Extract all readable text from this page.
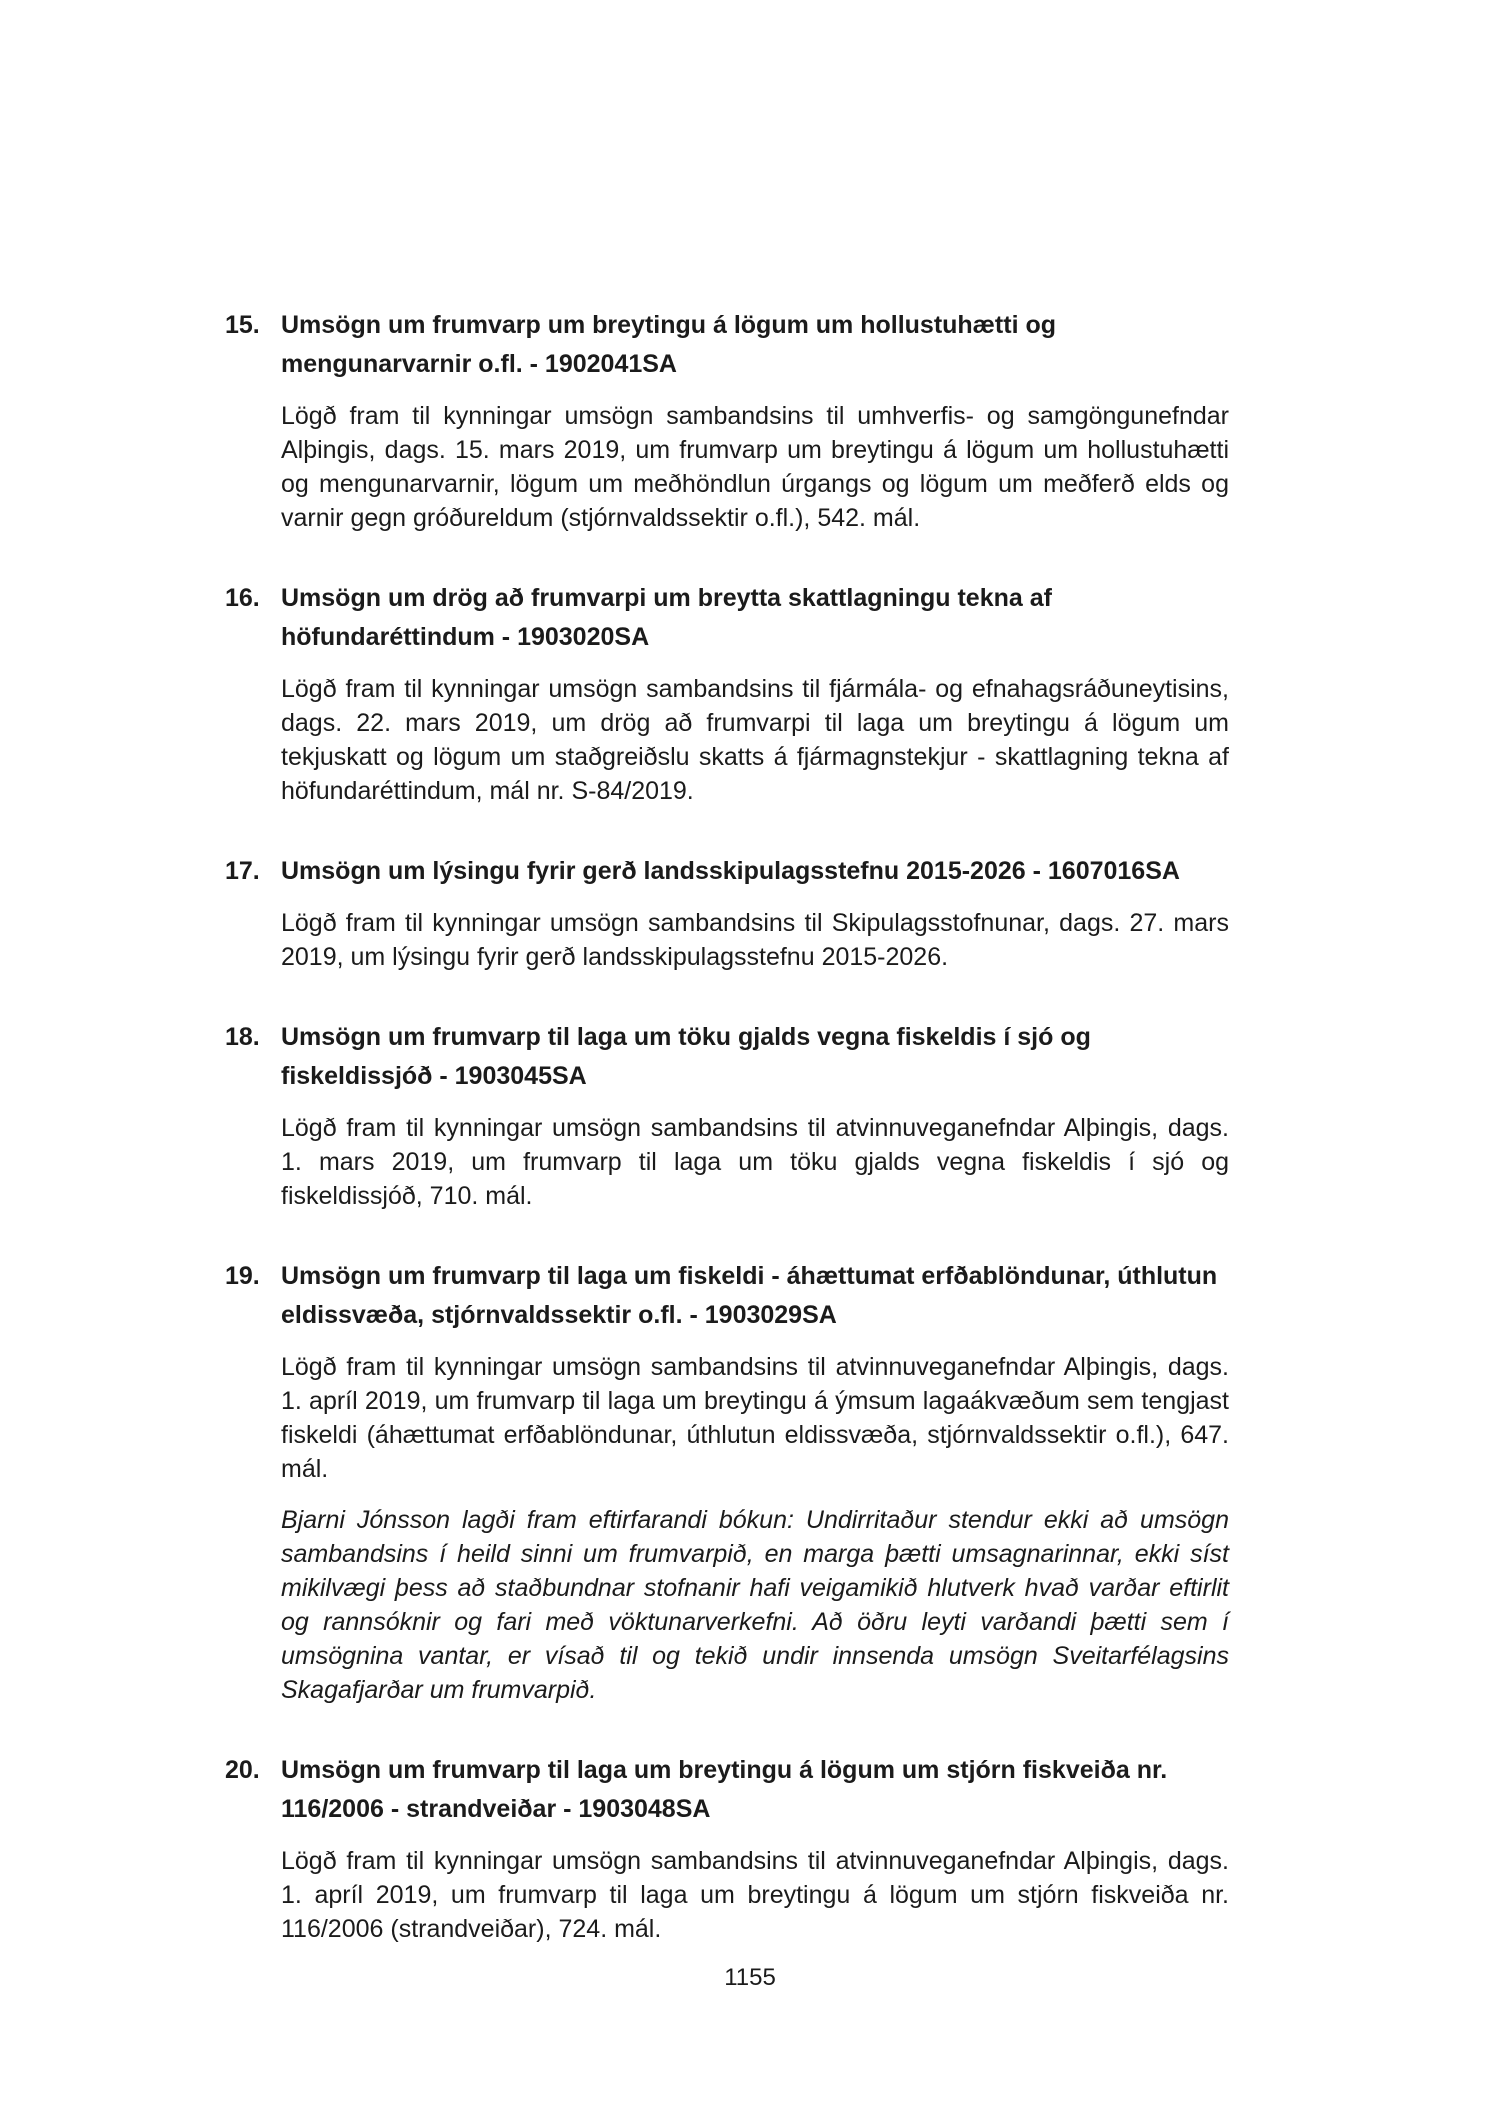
15. Umsögn um frumvarp um breytingu á lögum um hollustuhætti og mengunarvarnir o.fl. - 1902041SA

Lögð fram til kynningar umsögn sambandsins til umhverfis- og samgöngunefndar Alþingis, dags. 15. mars 2019, um frumvarp um breytingu á lögum um hollustuhætti og mengunarvarnir, lögum um meðhöndlun úrgangs og lögum um meðferð elds og varnir gegn gróðureldum (stjórnvaldssektir o.fl.), 542. mál.

16. Umsögn um drög að frumvarpi um breytta skattlagningu tekna af höfundaréttindum - 1903020SA

Lögð fram til kynningar umsögn sambandsins til fjármála- og efnahagsráðuneytisins, dags. 22. mars 2019, um drög að frumvarpi til laga um breytingu á lögum um tekjuskatt og lögum um staðgreiðslu skatts á fjármagnstekjur - skattlagning tekna af höfundaréttindum, mál nr. S-84/2019.

17. Umsögn um lýsingu fyrir gerð landsskipulagsstefnu 2015-2026 - 1607016SA

Lögð fram til kynningar umsögn sambandsins til Skipulagsstofnunar, dags. 27. mars 2019, um lýsingu fyrir gerð landsskipulagsstefnu 2015-2026.

18. Umsögn um frumvarp til laga um töku gjalds vegna fiskeldis í sjó og fiskeldissjóð - 1903045SA

Lögð fram til kynningar umsögn sambandsins til atvinnuveganefndar Alþingis, dags. 1. mars 2019, um frumvarp til laga um töku gjalds vegna fiskeldis í sjó og fiskeldissjóð, 710. mál.

19. Umsögn um frumvarp til laga um fiskeldi - áhættumat erfðablöndunar, úthlutun eldissvæða, stjórnvaldssektir o.fl. - 1903029SA

Lögð fram til kynningar umsögn sambandsins til atvinnuveganefndar Alþingis, dags. 1. apríl 2019, um frumvarp til laga um breytingu á ýmsum lagaákvæðum sem tengjast fiskeldi (áhættumat erfðablöndunar, úthlutun eldissvæða, stjórnvaldssektir o.fl.), 647. mál.

Bjarni Jónsson lagði fram eftirfarandi bókun: Undirritaður stendur ekki að umsögn sambandsins í heild sinni um frumvarpið, en marga þætti umsagnarinnar, ekki síst mikilvægi þess að staðbundnar stofnanir hafi veigamikið hlutverk hvað varðar eftirlit og rannsóknir og fari með vöktunarverkefni. Að öðru leyti varðandi þætti sem í umsögnina vantar, er vísað til og tekið undir innsenda umsögn Sveitarfélagsins Skagafjarðar um frumvarpið.

20. Umsögn um frumvarp til laga um breytingu á lögum um stjórn fiskveiða nr. 116/2006 - strandveiðar - 1903048SA

Lögð fram til kynningar umsögn sambandsins til atvinnuveganefndar Alþingis, dags. 1. apríl 2019, um frumvarp til laga um breytingu á lögum um stjórn fiskveiða nr. 116/2006 (strandveiðar), 724. mál.

1155
